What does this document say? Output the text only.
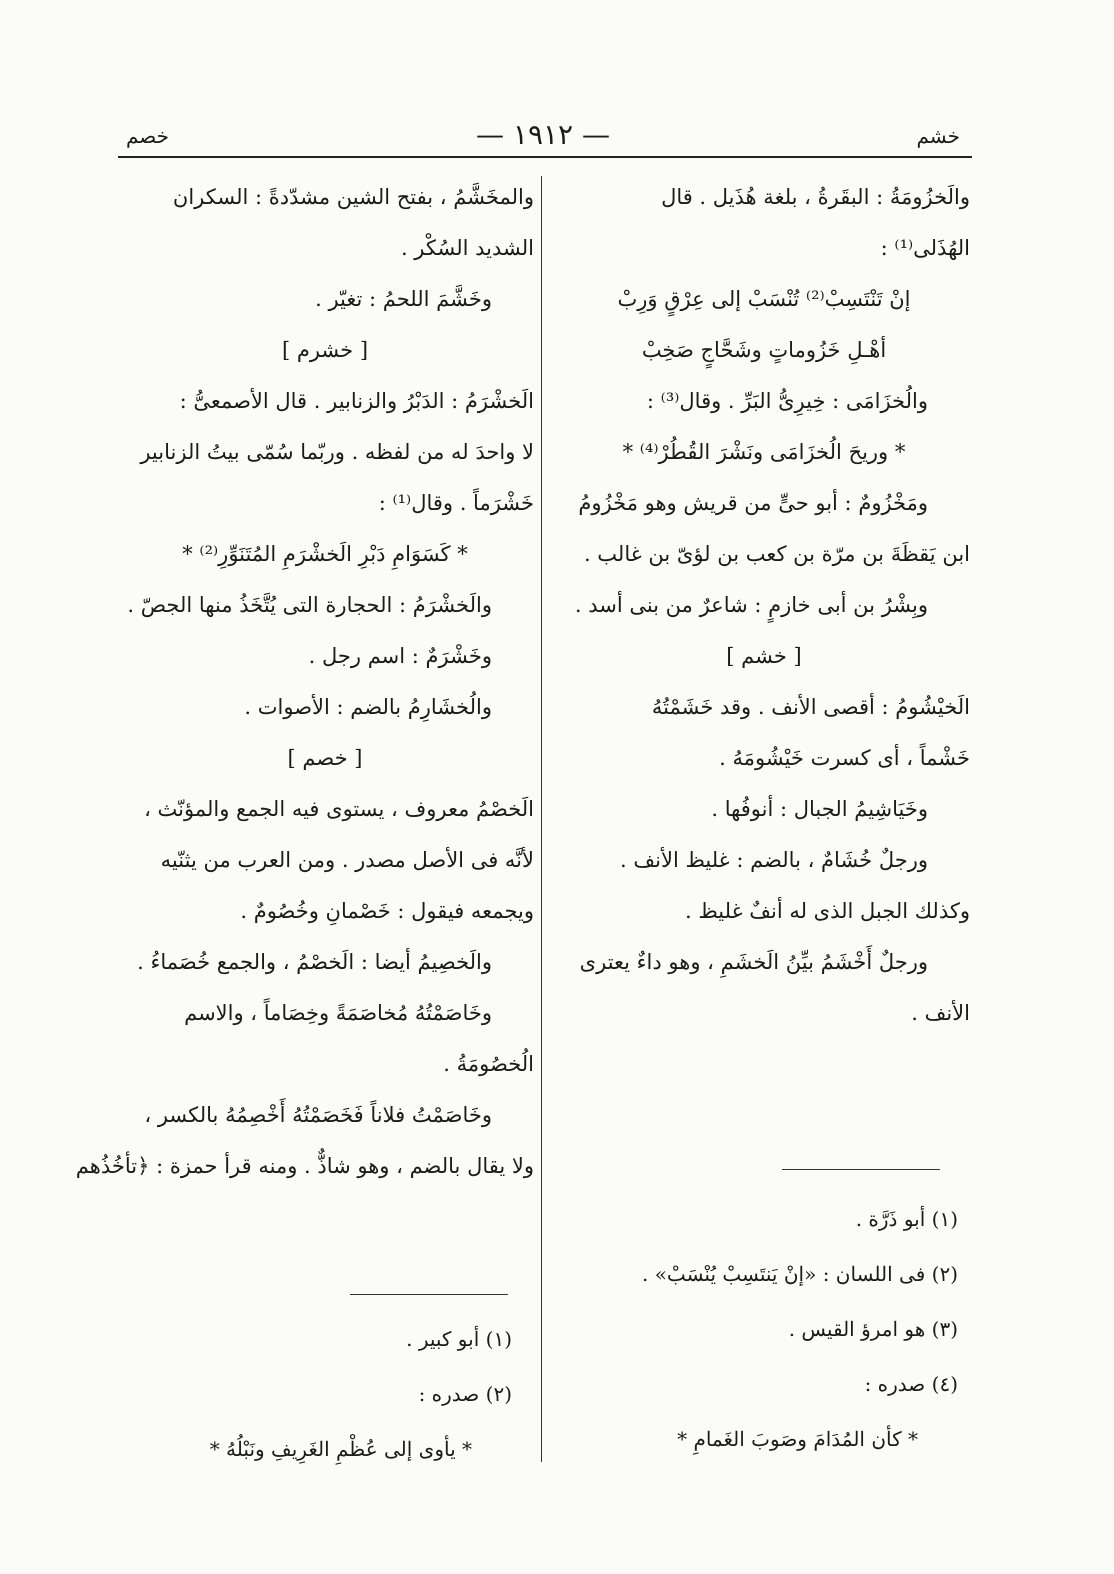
خشم
— ١٩١٢ —
خصم

والَخزُومَةُ : البقَرةُ ، بلغة هُذَيل . قال

الهُذَلى⁽¹⁾ :

إنْ تَنْتَسِبْ⁽²⁾ تُنْسَبْ إلى عِرْقٍ وَرِبْ

أهْـلِ خَزُوماتٍ وشَحَّاجٍ صَخِبْ

والُخزَامَى : خِيرِىُّ البَرِّ . وقال⁽³⁾ :

* وريحَ الُخزَامَى ونَشْرَ القُطُرْ⁽⁴⁾ *

ومَخْزُومٌ : أبو حىٍّ من قريش وهو مَخْزُومُ

ابن يَقظَةَ بن مرّة بن كعب بن لؤىّ بن غالب .

وبِشْرُ بن أبى خازمٍ : شاعرٌ من بنى أسد .

[ خشم ]

الَخيْشُومُ : أقصى الأنف . وقد خَشَمْتُهُ

خَشْماً ، أى كسرت خَيْشُومَهُ .

وخَيَاشِيمُ الجبال : أنوفُها .

ورجلٌ خُشَامٌ ، بالضم : غليظ الأنف .

وكذلك الجبل الذى له أنفٌ غليظ .

ورجلٌ أَخْشَمُ بيِّنُ الَخشَمِ ، وهو داءٌ يعترى

الأنف .

(١) أبو ذَرَّة .

(٢) فى اللسان : «إنْ يَنتَسِبْ يُنْسَبْ» .

(٣) هو امرؤ القيس .

(٤) صدره :

* كأن المُدَامَ وصَوبَ الغَمامِ *

والمخَشَّمُ ، بفتح الشين مشدّدةً : السكران

الشديد السُكْر .

وخَشَّمَ اللحمُ : تغيّر .

[ خشرم ]

الَخشْرَمُ : الدَبْرُ والزنابير . قال الأصمعىُّ :

لا واحدَ له من لفظه . وربّما سُمّى بيتُ الزنابير

خَشْرَماً . وقال⁽¹⁾ :

* كَسَوَامِ دَبْرِ الَخشْرَمِ المُتَنَوِّرِ⁽²⁾ *

والَخشْرَمُ : الحجارة التى يُتَّخَذُ منها الجصّ .

وخَشْرَمٌ : اسم رجل .

والُخشَارِمُ بالضم : الأصوات .

[ خصم ]

الَخصْمُ معروف ، يستوى فيه الجمع والمؤنّث ،

لأنَّه فى الأصل مصدر . ومن العرب من يثنّيه

ويجمعه فيقول : خَصْمانِ وخُصُومٌ .

والَخصِيمُ أيضا : الَخصْمُ ، والجمع خُصَماءُ .

وخَاصَمْتُهُ مُخاصَمَةً وخِصَاماً ، والاسم

الُخصُومَةُ .

وخَاصَمْتُ فلاناً فَخَصَمْتُهُ أَخْصِمُهُ بالكسر ،

ولا يقال بالضم ، وهو شاذٌّ . ومنه قرأ حمزة : ﴿تأخُذُهم

(١) أبو كبير .

(٢) صدره :

* يأوى إلى عُظْمِ الغَرِيفِ ونَبْلُهُ *
